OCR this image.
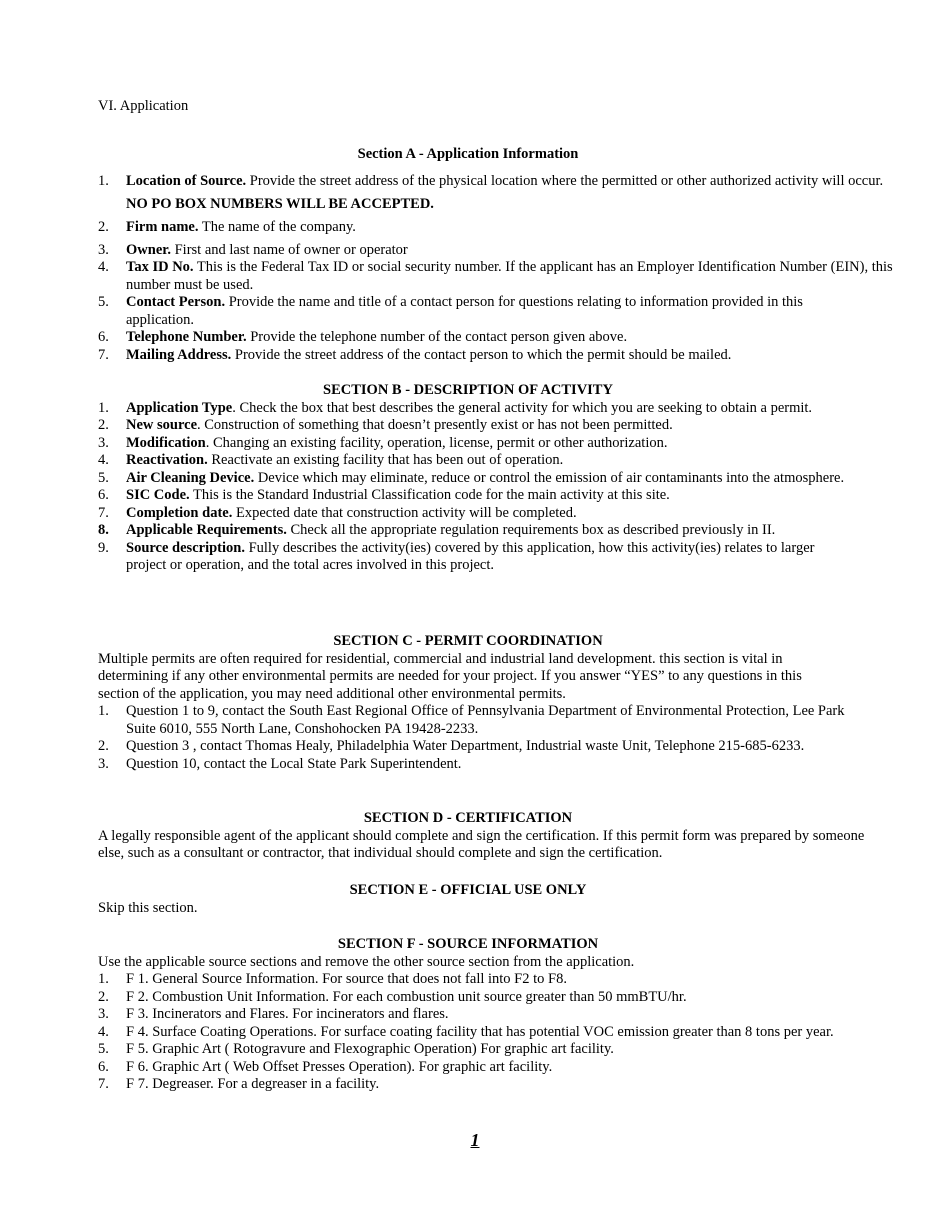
VI. Application
Section A - Application Information
1. Location of Source. Provide the street address of the physical location where the permitted or other authorized activity will occur. NO PO BOX NUMBERS WILL BE ACCEPTED.
2. Firm name. The name of the company.
3. Owner. First and last name of owner or operator
4. Tax ID No. This is the Federal Tax ID or social security number. If the applicant has an Employer Identification Number (EIN), this number must be used.
5. Contact Person. Provide the name and title of a contact person for questions relating to information provided in this application.
6. Telephone Number. Provide the telephone number of the contact person given above.
7. Mailing Address. Provide the street address of the contact person to which the permit should be mailed.
SECTION B - DESCRIPTION OF ACTIVITY
1. Application Type. Check the box that best describes the general activity for which you are seeking to obtain a permit.
2. New source. Construction of something that doesn’t presently exist or has not been permitted.
3. Modification. Changing an existing facility, operation, license, permit or other authorization.
4. Reactivation. Reactivate an existing facility that has been out of operation.
5. Air Cleaning Device. Device which may eliminate, reduce or control the emission of air contaminants into the atmosphere.
6. SIC Code. This is the Standard Industrial Classification code for the main activity at this site.
7. Completion date. Expected date that construction activity will be completed.
8. Applicable Requirements. Check all the appropriate regulation requirements box as described previously in II.
9. Source description. Fully describes the activity(ies) covered by this application, how this activity(ies) relates to larger project or operation, and the total acres involved in this project.
SECTION C - PERMIT COORDINATION
Multiple permits are often required for residential, commercial and industrial land development. this section is vital in determining if any other environmental permits are needed for your project. If you answer “YES” to any questions in this section of the application, you may need additional other environmental permits.
1. Question 1 to 9, contact the South East Regional Office of Pennsylvania Department of Environmental Protection, Lee Park Suite 6010, 555 North Lane, Conshohocken PA 19428-2233.
2. Question 3 , contact Thomas Healy, Philadelphia Water Department, Industrial waste Unit, Telephone 215-685-6233.
3. Question 10, contact the Local State Park Superintendent.
SECTION D - CERTIFICATION
A legally responsible agent of the applicant should complete and sign the certification. If this permit form was prepared by someone else, such as a consultant or contractor, that individual should complete and sign the certification.
SECTION E - OFFICIAL USE ONLY
Skip this section.
SECTION F - SOURCE INFORMATION
Use the applicable source sections and remove the other source section from the application.
1. F 1. General Source Information. For source that does not fall into F2 to F8.
2. F 2. Combustion Unit Information. For each combustion unit source greater than 50 mmBTU/hr.
3. F 3. Incinerators and Flares. For incinerators and flares.
4. F 4. Surface Coating Operations. For surface coating facility that has potential VOC emission greater than 8 tons per year.
5. F 5. Graphic Art ( Rotogravure and Flexographic Operation) For graphic art facility.
6. F 6. Graphic Art ( Web Offset Presses Operation). For graphic art facility.
7. F 7. Degreaser. For a degreaser in a facility.
1
